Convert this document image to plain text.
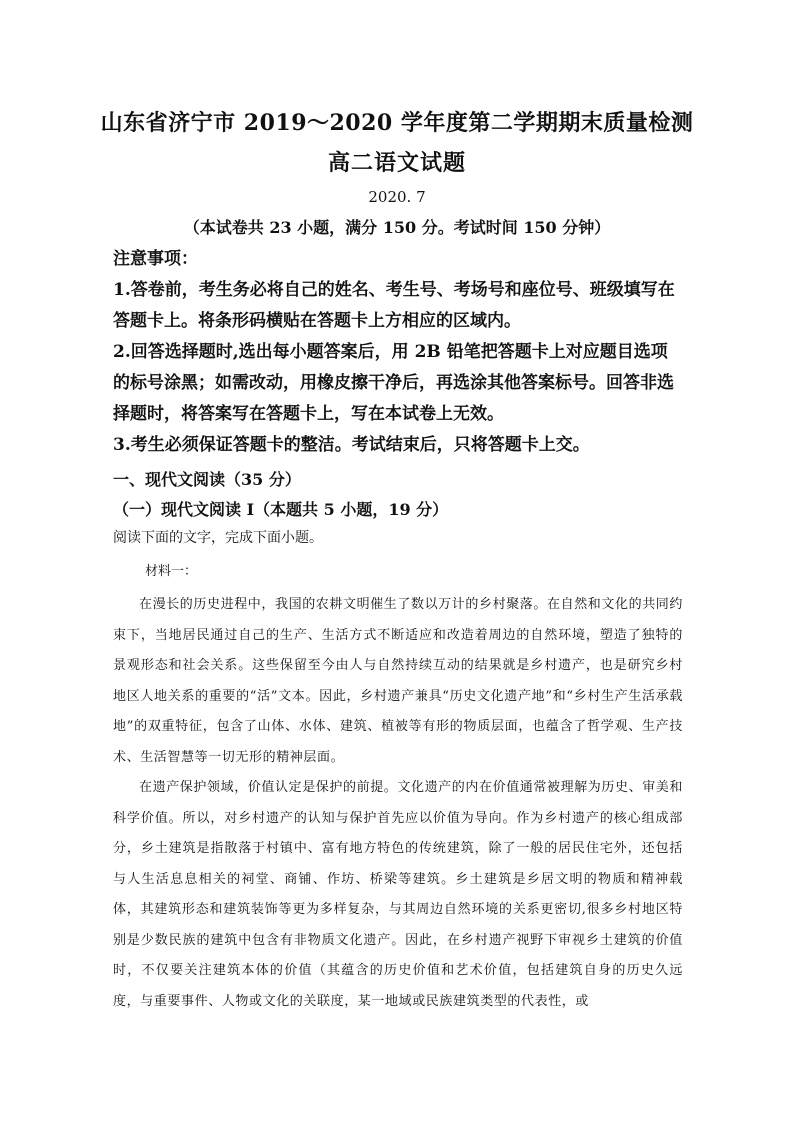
山东省济宁市 2019～2020 学年度第二学期期末质量检测
高二语文试题
2020. 7
（本试卷共 23 小题，满分 150 分。考试时间 150 分钟）

注意事项：

1.答卷前，考生务必将自己的姓名、考生号、考场号和座位号、班级填写在答题卡上。将条形码横贴在答题卡上方相应的区域内。

2.回答选择题时,选出每小题答案后，用 2B 铅笔把答题卡上对应题目选项的标号涂黑；如需改动，用橡皮擦干净后，再选涂其他答案标号。回答非选择题时，将答案写在答题卡上，写在本试卷上无效。

3.考生必须保证答题卡的整洁。考试结束后，只将答题卡上交。

一、现代文阅读（35 分）

（一）现代文阅读 I（本题共 5 小题，19 分）

阅读下面的文字，完成下面小题。
材料一：

在漫长的历史进程中，我国的农耕文明催生了数以万计的乡村聚落。在自然和文化的共同约束下，当地居民通过自己的生产、生活方式不断适应和改造着周边的自然环境，塑造了独特的景观形态和社会关系。这些保留至今由人与自然持续互动的结果就是乡村遗产，也是研究乡村地区人地关系的重要的“活”文本。因此，乡村遗产兼具“历史文化遗产地”和“乡村生产生活承载地”的双重特征，包含了山体、水体、建筑、植被等有形的物质层面，也蕴含了哲学观、生产技术、生活智慧等一切无形的精神层面。

在遗产保护领域，价值认定是保护的前提。文化遗产的内在价值通常被理解为历史、审美和科学价值。所以，对乡村遗产的认知与保护首先应以价值为导向。作为乡村遗产的核心组成部分，乡土建筑是指散落于村镇中、富有地方特色的传统建筑，除了一般的居民住宅外，还包括与人生活息息相关的祠堂、商铺、作坊、桥梁等建筑。乡土建筑是乡居文明的物质和精神载体，其建筑形态和建筑装饰等更为多样复杂，与其周边自然环境的关系更密切,很多乡村地区特别是少数民族的建筑中包含有非物质文化遗产。因此，在乡村遗产视野下审视乡土建筑的价值时，不仅要关注建筑本体的价值（其蕴含的历史价值和艺术价值，包括建筑自身的历史久远度，与重要事件、人物或文化的关联度，某一地域或民族建筑类型的代表性，或
